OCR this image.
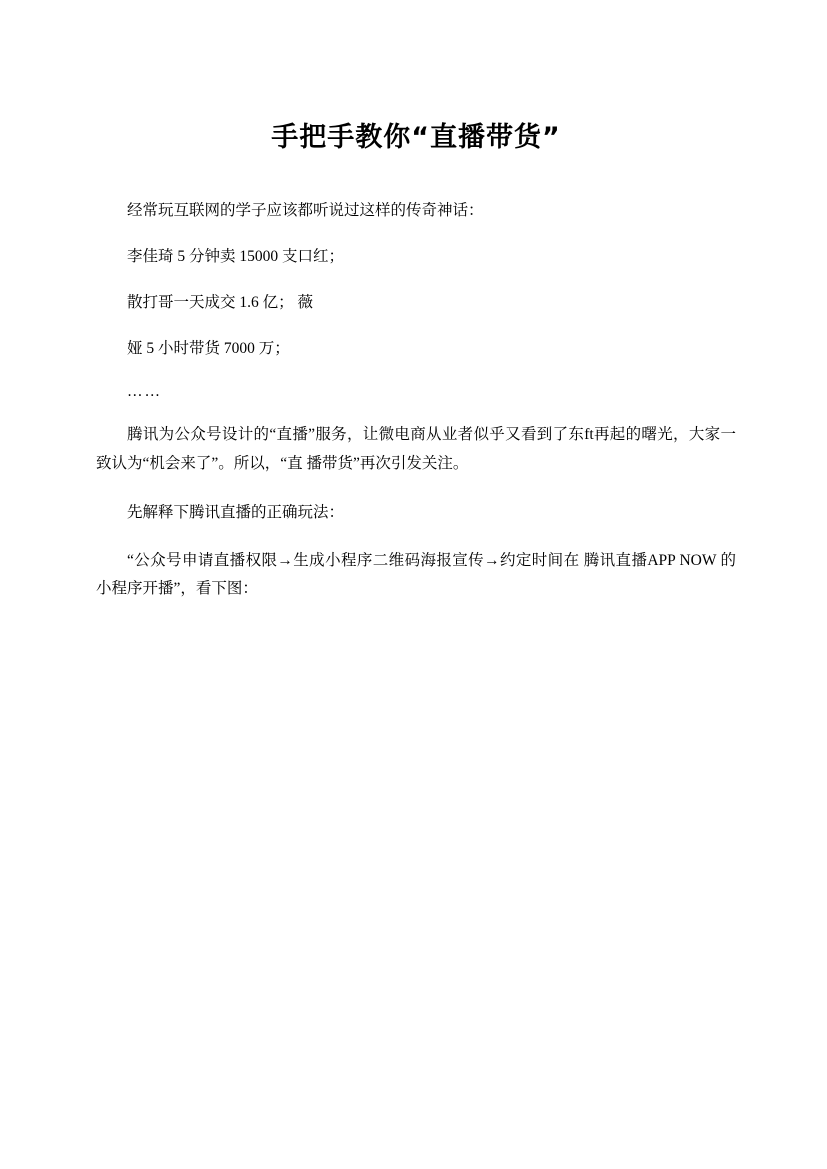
手把手教你“直播带货”

经常玩互联网的学子应该都听说过这样的传奇神话：

李佳琦 5 分钟卖 15000 支口红；

散打哥一天成交 1.6 亿； 薇

娅 5 小时带货 7000 万；

……

腾讯为公众号设计的“直播”服务，让微电商从业者似乎又看到了东ft再起的曙光，大家一致认为“机会来了”。所以，“直 播带货”再次引发关注。

先解释下腾讯直播的正确玩法：

“公众号申请直播权限→生成小程序二维码海报宣传→约定时间在 腾讯直播APP NOW 的小程序开播”，看下图：
